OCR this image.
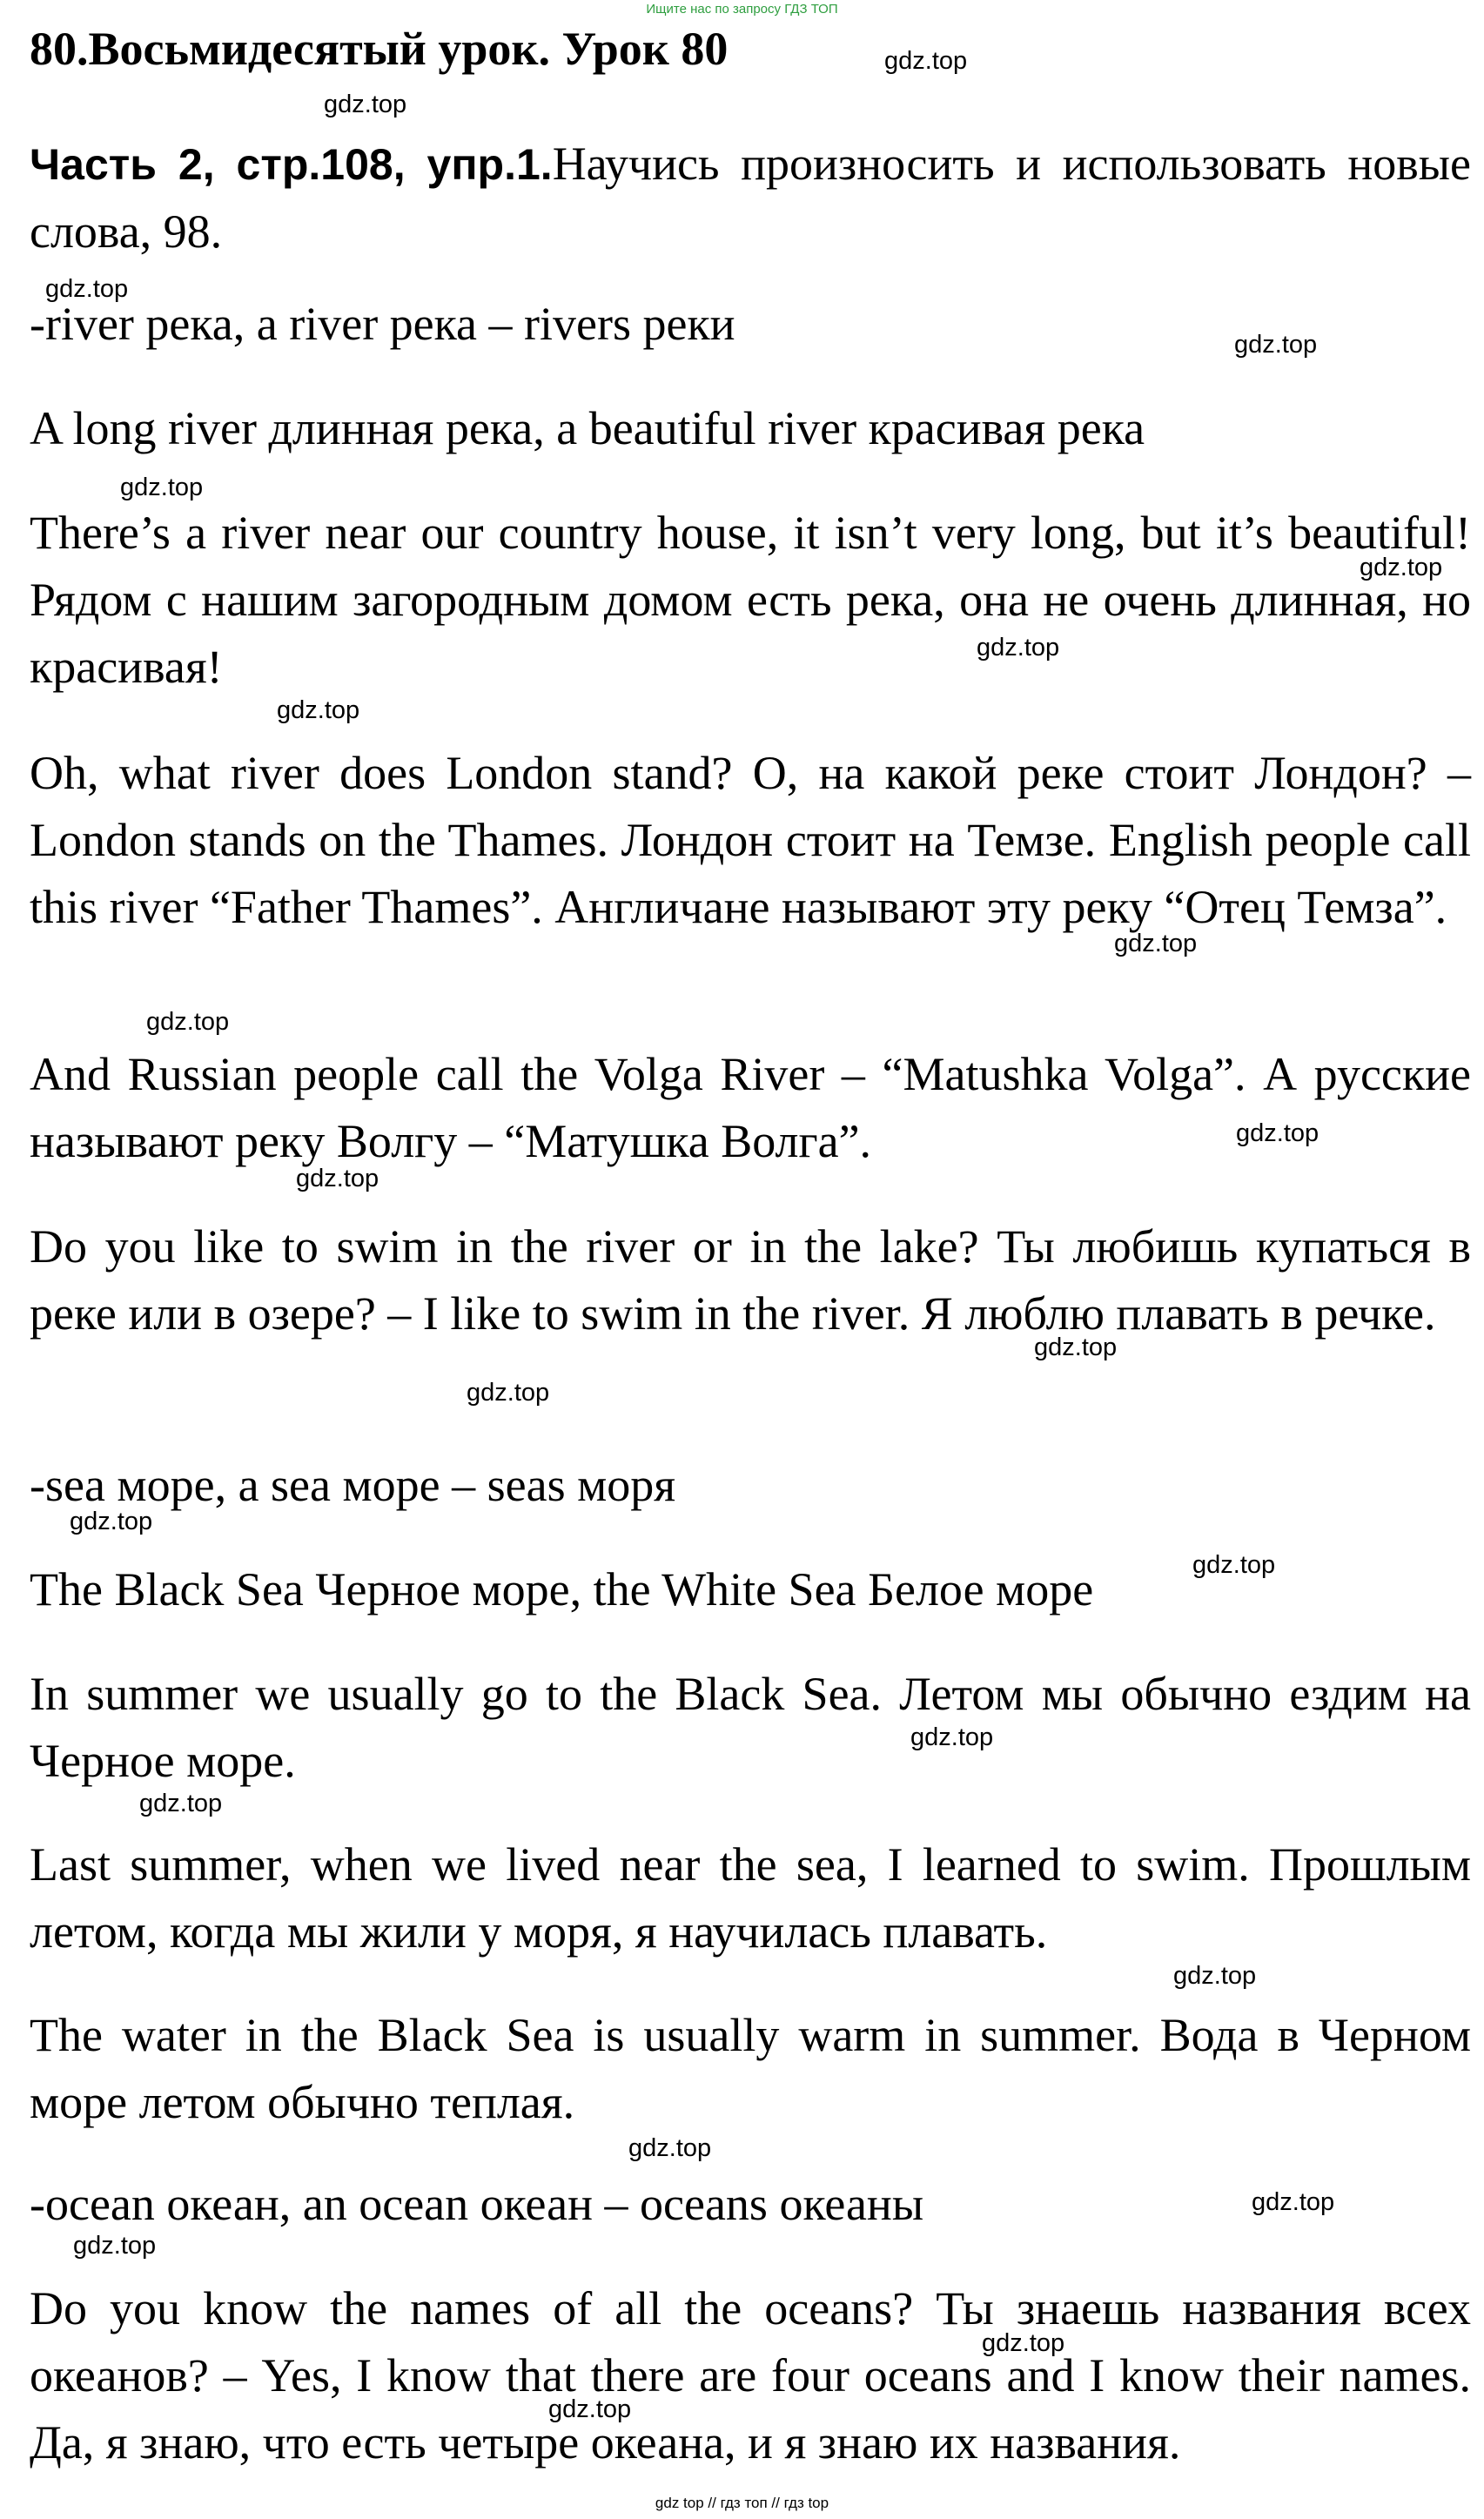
Ищите нас по запросу ГДЗ ТОП
80.Восьмидесятый урок. Урок 80
Часть 2, стр.108, упр.1.Научись произносить и использовать новые слова, 98.
-river река, a river река – rivers реки
A long river длинная река, a beautiful river красивая река
There’s a river near our country house, it isn’t very long, but it’s beautiful! Рядом с нашим загородным домом есть река, она не очень длинная, но красивая!
Oh, what river does London stand? О, на какой реке стоит Лондон? – London stands on the Thames. Лондон стоит на Темзе. English people call this river “Father Thames”. Англичане называют эту реку “Отец Темза”.
And Russian people call the Volga River – “Matushka Volga”. А русские называют реку Волгу – “Матушка Волга”.
Do you like to swim in the river or in the lake? Ты любишь купаться в реке или в озере? – I like to swim in the river. Я люблю плавать в речке.
-sea море, a sea море – seas моря
The Black Sea Черное море, the White Sea Белое море
In summer we usually go to the Black Sea. Летом мы обычно ездим на Черное море.
Last summer, when we lived near the sea, I learned to swim. Прошлым летом, когда мы жили у моря, я научилась плавать.
The water in the Black Sea is usually warm in summer. Вода в Черном море летом обычно теплая.
-ocean океан, an ocean океан – oceans океаны
Do you know the names of all the oceans? Ты знаешь названия всех океанов? – Yes, I know that there are four oceans and I know their names. Да, я знаю, что есть четыре океана, и я знаю их названия.
gdz.top
gdz.top
gdz.top
gdz.top
gdz.top
gdz.top
gdz.top
gdz.top
gdz.top
gdz.top
gdz.top
gdz.top
gdz.top
gdz.top
gdz.top
gdz.top
gdz.top
gdz.top
gdz.top
gdz.top
gdz.top
gdz.top
gdz.top
gdz.top
gdz top // гдз топ // гдз top
